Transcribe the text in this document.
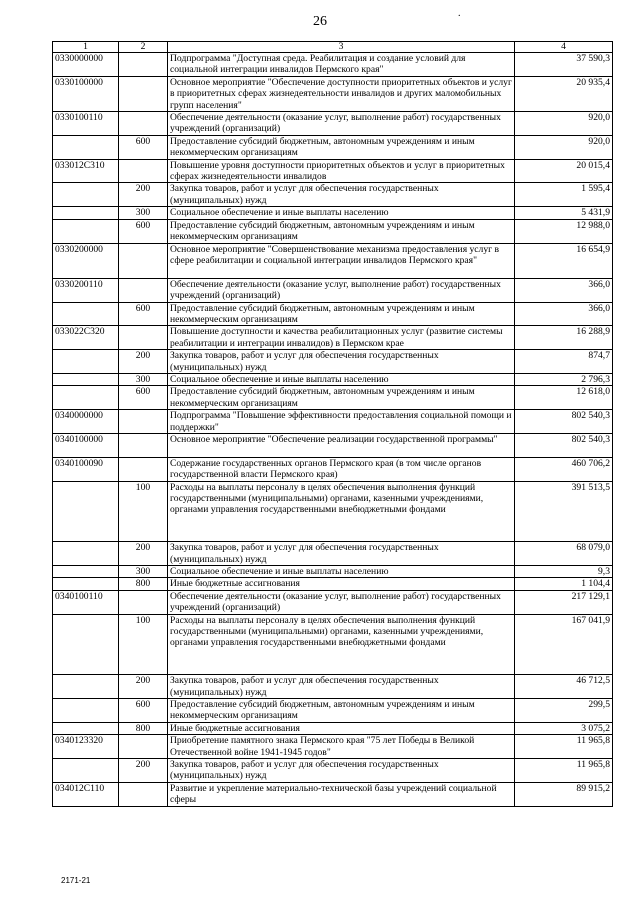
26
.
1	2	3	4
0330000000		Подпрограмма "Доступная среда. Реабилитация и создание условий для социальной интеграции инвалидов Пермского края"	37 590,3
0330100000		Основное мероприятие "Обеспечение доступности приоритетных объектов и услуг в приоритетных сферах жизнедеятельности инвалидов и других маломобильных групп населения"	20 935,4
0330100110		Обеспечение деятельности (оказание услуг, выполнение работ) государственных учреждений (организаций)	920,0
	600	Предоставление субсидий бюджетным, автономным учреждениям и иным некоммерческим организациям	920,0
033012С310		Повышение уровня доступности приоритетных объектов и услуг в приоритетных сферах жизнедеятельности инвалидов	20 015,4
	200	Закупка товаров, работ и услуг для обеспечения государственных (муниципальных) нужд	1 595,4
	300	Социальное обеспечение и иные выплаты населению	5 431,9
	600	Предоставление субсидий бюджетным, автономным учреждениям и иным некоммерческим организациям	12 988,0
0330200000		Основное мероприятие "Совершенствование механизма предоставления услуг в сфере реабилитации и социальной интеграции инвалидов Пермского края"	16 654,9
0330200110		Обеспечение деятельности (оказание услуг, выполнение работ) государственных учреждений (организаций)	366,0
	600	Предоставление субсидий бюджетным, автономным учреждениям и иным некоммерческим организациям	366,0
033022С320		Повышение доступности и качества реабилитационных услуг (развитие системы реабилитации и интеграции инвалидов) в Пермском крае	16 288,9
	200	Закупка товаров, работ и услуг для обеспечения государственных (муниципальных) нужд	874,7
	300	Социальное обеспечение и иные выплаты населению	2 796,3
	600	Предоставление субсидий бюджетным, автономным учреждениям и иным некоммерческим организациям	12 618,0
0340000000		Подпрограмма "Повышение эффективности предоставления социальной помощи и поддержки"	802 540,3
0340100000		Основное мероприятие "Обеспечение реализации государственной программы"	802 540,3
0340100090		Содержание государственных органов Пермского края (в том числе органов государственной власти Пермского края)	460 706,2
	100	Расходы на выплаты персоналу в целях обеспечения выполнения функций государственными (муниципальными) органами, казенными учреждениями, органами управления государственными внебюджетными фондами	391 513,5
	200	Закупка товаров, работ и услуг для обеспечения государственных (муниципальных) нужд	68 079,0
	300	Социальное обеспечение и иные выплаты населению	9,3
	800	Иные бюджетные ассигнования	1 104,4
0340100110		Обеспечение деятельности (оказание услуг, выполнение работ) государственных учреждений (организаций)	217 129,1
	100	Расходы на выплаты персоналу в целях обеспечения выполнения функций государственными (муниципальными) органами, казенными учреждениями, органами управления государственными внебюджетными фондами	167 041,9
	200	Закупка товаров, работ и услуг для обеспечения государственных (муниципальных) нужд	46 712,5
	600	Предоставление субсидий бюджетным, автономным учреждениям и иным некоммерческим организациям	299,5
	800	Иные бюджетные ассигнования	3 075,2
0340123320		Приобретение памятного знака Пермского края "75 лет Победы в Великой Отечественной войне 1941-1945 годов"	11 965,8
	200	Закупка товаров, работ и услуг для обеспечения государственных (муниципальных) нужд	11 965,8
034012С110		Развитие и укрепление материально-технической базы учреждений социальной сферы	89 915,2
2171-21
